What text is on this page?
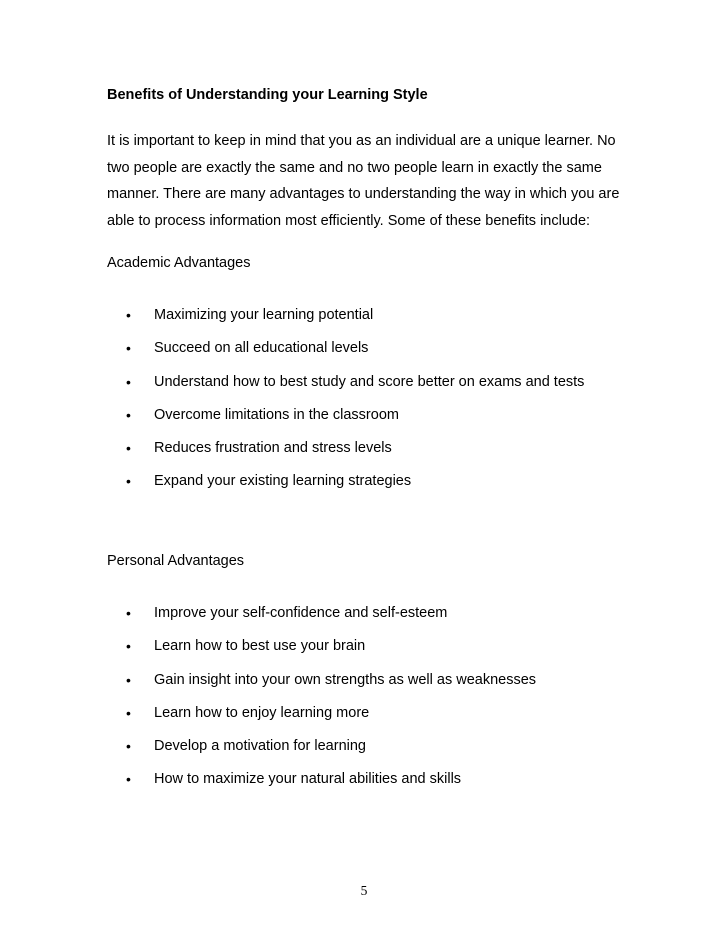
Benefits of Understanding your Learning Style
It is important to keep in mind that you as an individual are a unique learner. No
two people are exactly the same and no two people learn in exactly the same
manner. There are many advantages to understanding the way in which you are
able to process information most efficiently. Some of these benefits include:
Academic Advantages
• Maximizing your learning potential
• Succeed on all educational levels
• Understand how to best study and score better on exams and tests
• Overcome limitations in the classroom
• Reduces frustration and stress levels
• Expand your existing learning strategies
Personal Advantages
• Improve your self-confidence and self-esteem
• Learn how to best use your brain
• Gain insight into your own strengths as well as weaknesses
• Learn how to enjoy learning more
• Develop a motivation for learning
• How to maximize your natural abilities and skills
5
